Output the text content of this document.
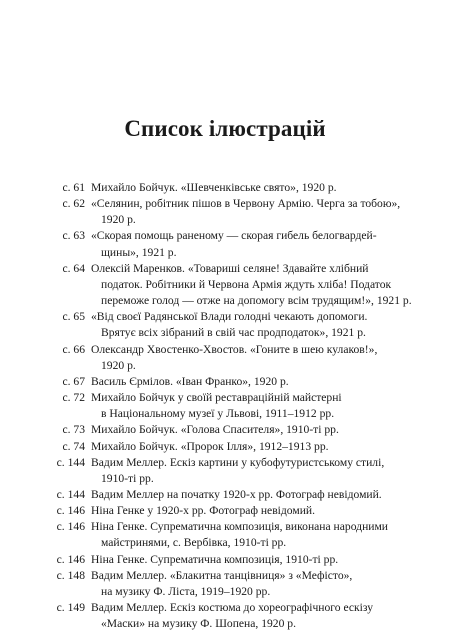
Список ілюстрацій
с. 61 Михайло Бойчук. «Шевченківське свято», 1920 р.
с. 62 «Селянин, робітник пішов в Червону Армію. Черга за тобою»,
1920 р.
с. 63 «Скорая помощь раненому — скорая гибель белогвардей-
щины», 1921 р.
с. 64 Олексій Маренков. «Товариші селяне! Здавайте хлібний
податок. Робітники й Червона Армія ждуть хліба! Податок
переможе голод — отже на допомогу всім трудящим!», 1921 р.
с. 65 «Від своєї Радянської Влади голодні чекають допомоги.
Врятує всіх зібраний в свій час продподаток», 1921 р.
с. 66 Олександр Хвостенко-Хвостов. «Гоните в шею кулаков!»,
1920 р.
с. 67 Василь Єрмілов. «Іван Франко», 1920 р.
с. 72 Михайло Бойчук у своїй реставраційній майстерні
в Національному музеї у Львові, 1911–1912 рр.
с. 73 Михайло Бойчук. «Голова Спасителя», 1910-ті рр.
с. 74 Михайло Бойчук. «Пророк Ілля», 1912–1913 рр.
с. 144 Вадим Меллер. Ескіз картини у кубофутуристському стилі,
1910-ті рр.
с. 144 Вадим Меллер на початку 1920-х рр. Фотограф невідомий.
с. 146 Ніна Генке у 1920-х рр. Фотограф невідомий.
с. 146 Ніна Генке. Супрематична композиція, виконана народними
майстринями, с. Вербівка, 1910-ті рр.
с. 146 Ніна Генке. Супрематична композиція, 1910-ті рр.
с. 148 Вадим Меллер. «Блакитна танцівниця» з «Мефісто»,
на музику Ф. Ліста, 1919–1920 рр.
с. 149 Вадим Меллер. Ескіз костюма до хореографічного ескізу
«Маски» на музику Ф. Шопена, 1920 р.
